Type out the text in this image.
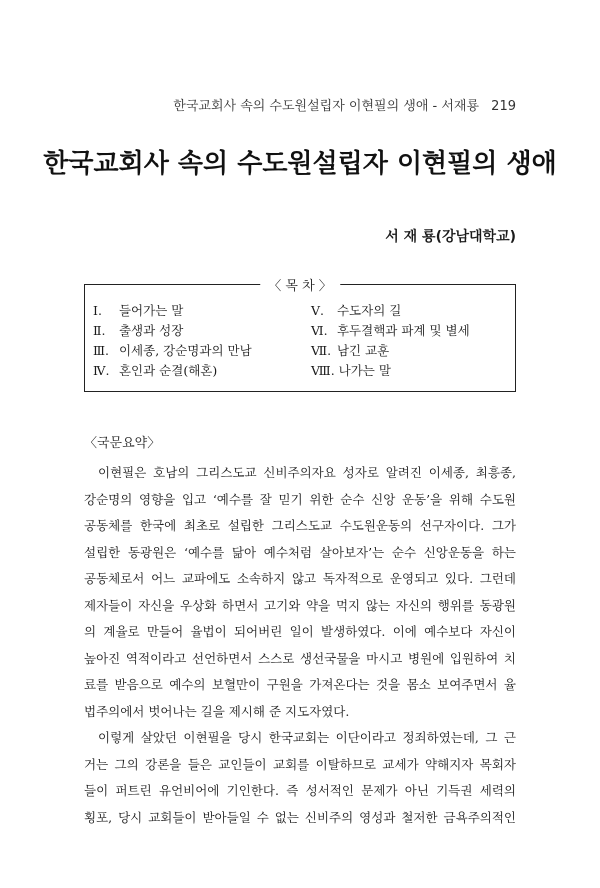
한국교회사 속의 수도원설립자 이현필의 생애 - 서재룡 219
한국교회사 속의 수도원설립자 이현필의 생애
서 재 룡(강남대학교)
〈 목 차 〉
Ⅰ. 들어가는 말
Ⅱ. 출생과 성장
Ⅲ. 이세종, 강순명과의 만남
Ⅳ. 혼인과 순결(해혼)
Ⅴ. 수도자의 길
Ⅵ. 후두결핵과 파계 및 별세
Ⅶ. 남긴 교훈
Ⅷ. 나가는 말
〈국문요약〉
이현필은 호남의 그리스도교 신비주의자요 성자로 알려진 이세종, 최흥종,
강순명의 영향을 입고 ‘예수를 잘 믿기 위한 순수 신앙 운동’을 위해 수도원
공동체를 한국에 최초로 설립한 그리스도교 수도원운동의 선구자이다. 그가
설립한 동광원은 ‘예수를 닮아 예수처럼 살아보자’는 순수 신앙운동을 하는
공동체로서 어느 교파에도 소속하지 않고 독자적으로 운영되고 있다. 그런데
제자들이 자신을 우상화 하면서 고기와 약을 먹지 않는 자신의 행위를 동광원
의 계율로 만들어 율법이 되어버린 일이 발생하였다. 이에 예수보다 자신이
높아진 역적이라고 선언하면서 스스로 생선국물을 마시고 병원에 입원하여 치
료를 받음으로 예수의 보혈만이 구원을 가져온다는 것을 몸소 보여주면서 율
법주의에서 벗어나는 길을 제시해 준 지도자였다.
이렇게 살았던 이현필을 당시 한국교회는 이단이라고 정죄하였는데, 그 근
거는 그의 강론을 들은 교인들이 교회를 이탈하므로 교세가 약해지자 목회자
들이 퍼트린 유언비어에 기인한다. 즉 성서적인 문제가 아닌 기득권 세력의
횡포, 당시 교회들이 받아들일 수 없는 신비주의 영성과 철저한 금욕주의적인
